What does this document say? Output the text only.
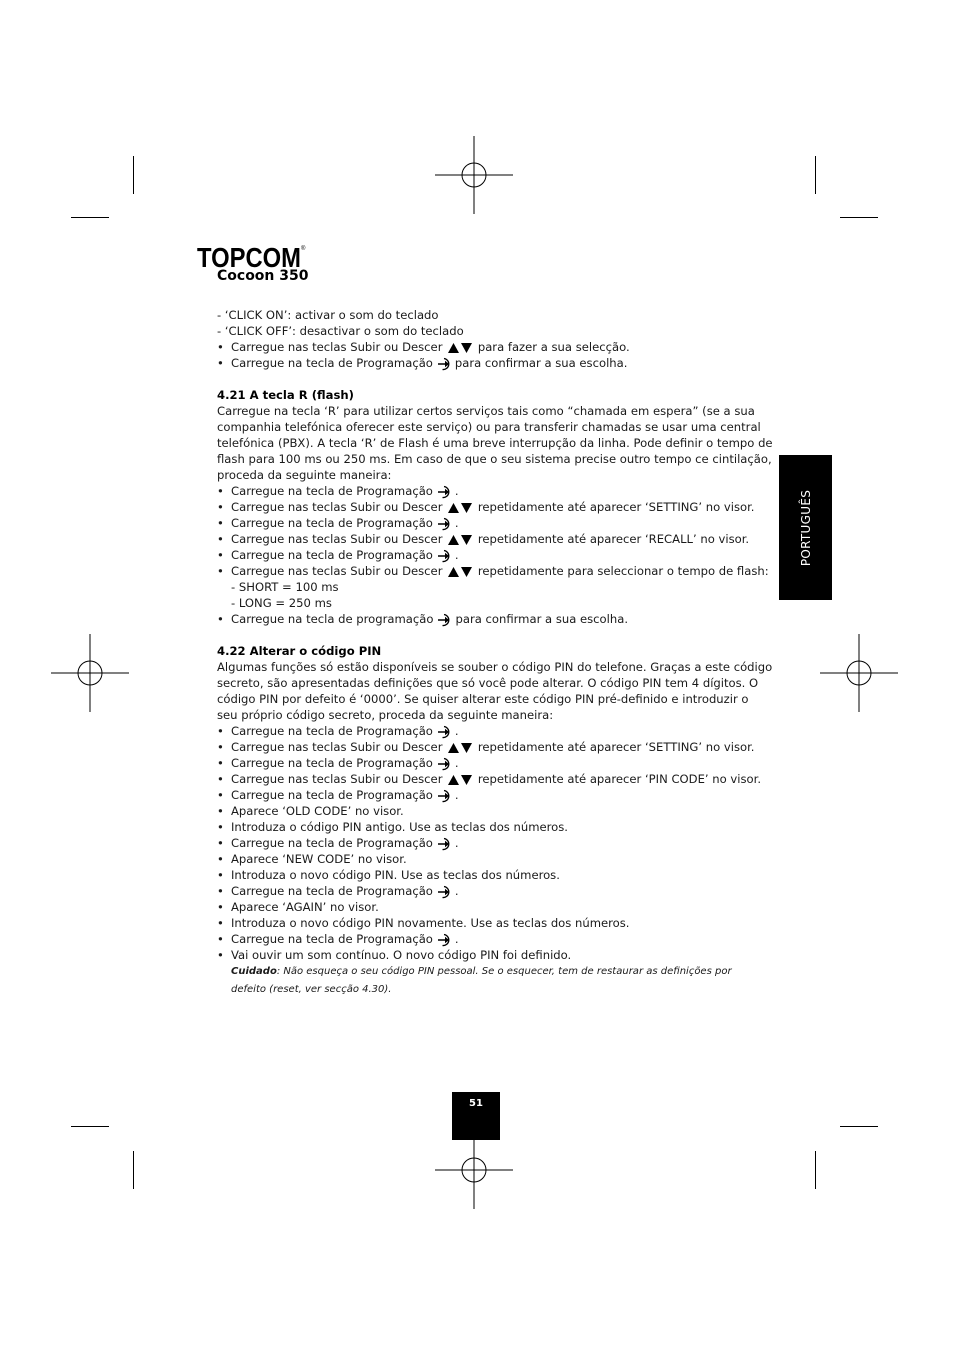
TOPCOM ®
Cocoon 350
- ‘CLICK ON’: activar o som do teclado
- ‘CLICK OFF’: desactivar o som do teclado
• Carregue nas teclas Subir ou Descer	para fazer a sua selecção.
• Carregue na tecla de Programação para confirmar a sua escolha.
4.21 A tecla R (flash)
Carregue na tecla ‘R’ para utilizar certos serviços tais como “chamada em espera” (se a sua
companhia telefónica oferecer este serviço) ou para transferir chamadas se usar uma central
telefónica (PBX). A tecla ‘R’ de Flash é uma breve interrupção da linha. Pode definir o tempo de
flash para 100 ms ou 250 ms. Em caso de que o seu sistema precise outro tempo ce cintilação,
proceda da seguinte maneira:
• Carregue na tecla de Programação .
• Carregue nas teclas Subir ou Descer	repetidamente até aparecer ‘SETTING’ no visor.
• Carregue na tecla de Programação .
• Carregue nas teclas Subir ou Descer	repetidamente até aparecer ‘RECALL’ no visor.
• Carregue na tecla de Programação .
• Carregue nas teclas Subir ou Descer	repetidamente para seleccionar o tempo de flash:
- SHORT = 100 ms
- LONG = 250 ms
• Carregue na tecla de programação para confirmar a sua escolha.
4.22 Alterar o código PIN
Algumas funções só estão disponíveis se souber o código PIN do telefone. Graças a este código
secreto, são apresentadas definições que só você pode alterar. O código PIN tem 4 dígitos. O
código PIN por defeito é ‘0000’. Se quiser alterar este código PIN pré-definido e introduzir o
seu próprio código secreto, proceda da seguinte maneira:
• Carregue na tecla de Programação .
• Carregue nas teclas Subir ou Descer	repetidamente até aparecer ‘SETTING’ no visor.
• Carregue na tecla de Programação .
• Carregue nas teclas Subir ou Descer	repetidamente até aparecer ‘PIN CODE’ no visor.
• Carregue na tecla de Programação .
• Aparece ‘OLD CODE’ no visor.
• Introduza o código PIN antigo. Use as teclas dos números.
• Carregue na tecla de Programação .
• Aparece ‘NEW CODE’ no visor.
• Introduza o novo código PIN. Use as teclas dos números.
• Carregue na tecla de Programação .
• Aparece ‘AGAIN’ no visor.
• Introduza o novo código PIN novamente. Use as teclas dos números.
• Carregue na tecla de Programação .
• Vai ouvir um som contínuo. O novo código PIN foi definido.
Cuidado: Não esqueça o seu código PIN pessoal. Se o esquecer, tem de restaurar as definições por
defeito (reset, ver secção 4.30).
PORTUGUÊS
51
